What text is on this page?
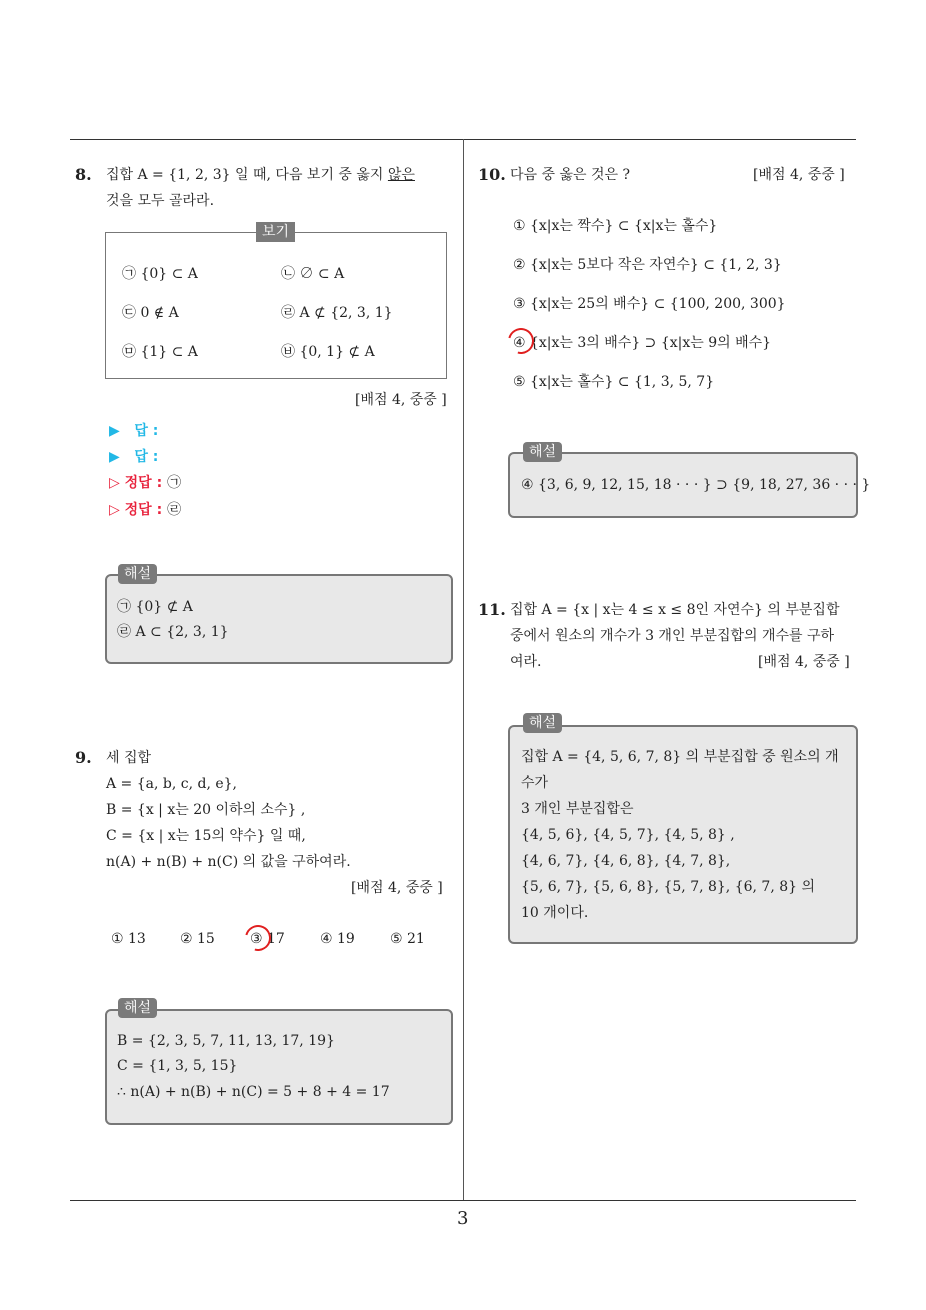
3
8. 집합 A = {1, 2, 3} 일 때, 다음 보기 중 옳지 않은
것을 모두 골라라.
보기
㉠ {0} ⊂ A	㉡ ∅ ⊂ A
㉢ 0 ∉ A	㉣ A ⊄ {2, 3, 1}
㉤ {1} ⊂ A	㉥ {0, 1} ⊄ A
[배점 4, 중중 ]
▶ 답 :
▶ 답 :
▷ 정답 : ㉠
▷ 정답 : ㉣
해설
㉠ {0} ⊄ A
㉣ A ⊂ {2, 3, 1}
9. 세 집합
A = {a, b, c, d, e},
B = {x | x는 20 이하의 소수} ,
C = {x | x는 15의 약수} 일 때,
n(A) + n(B) + n(C) 의 값을 구하여라.
[배점 4, 중중 ]
① 13 ② 15	③ 17	④ 19	⑤ 21
해설
B = {2, 3, 5, 7, 11, 13, 17, 19}
C = {1, 3, 5, 15}
∴ n(A) + n(B) + n(C) = 5 + 8 + 4 = 17
10. 다음 중 옳은 것은 ?	[배점 4, 중중 ]
① {x|x는 짝수} ⊂ {x|x는 홀수}
② {x|x는 5보다 작은 자연수} ⊂ {1, 2, 3}
③ {x|x는 25의 배수} ⊂ {100, 200, 300}
④ {x|x는 3의 배수} ⊃ {x|x는 9의 배수}
⑤ {x|x는 홀수} ⊂ {1, 3, 5, 7}
해설
④ {3, 6, 9, 12, 15, 18 · · · } ⊃ {9, 18, 27, 36 · · · }
11. 집합 A = {x | x는 4 ≤ x ≤ 8인 자연수} 의 부분집합
중에서 원소의 개수가 3 개인 부분집합의 개수를 구하
여라.	[배점 4, 중중 ]
해설
집합 A = {4, 5, 6, 7, 8} 의 부분집합 중 원소의 개
수가
3 개인 부분집합은
{4, 5, 6}, {4, 5, 7}, {4, 5, 8} ,
{4, 6, 7}, {4, 6, 8}, {4, 7, 8},
{5, 6, 7}, {5, 6, 8}, {5, 7, 8}, {6, 7, 8} 의
10 개이다.
